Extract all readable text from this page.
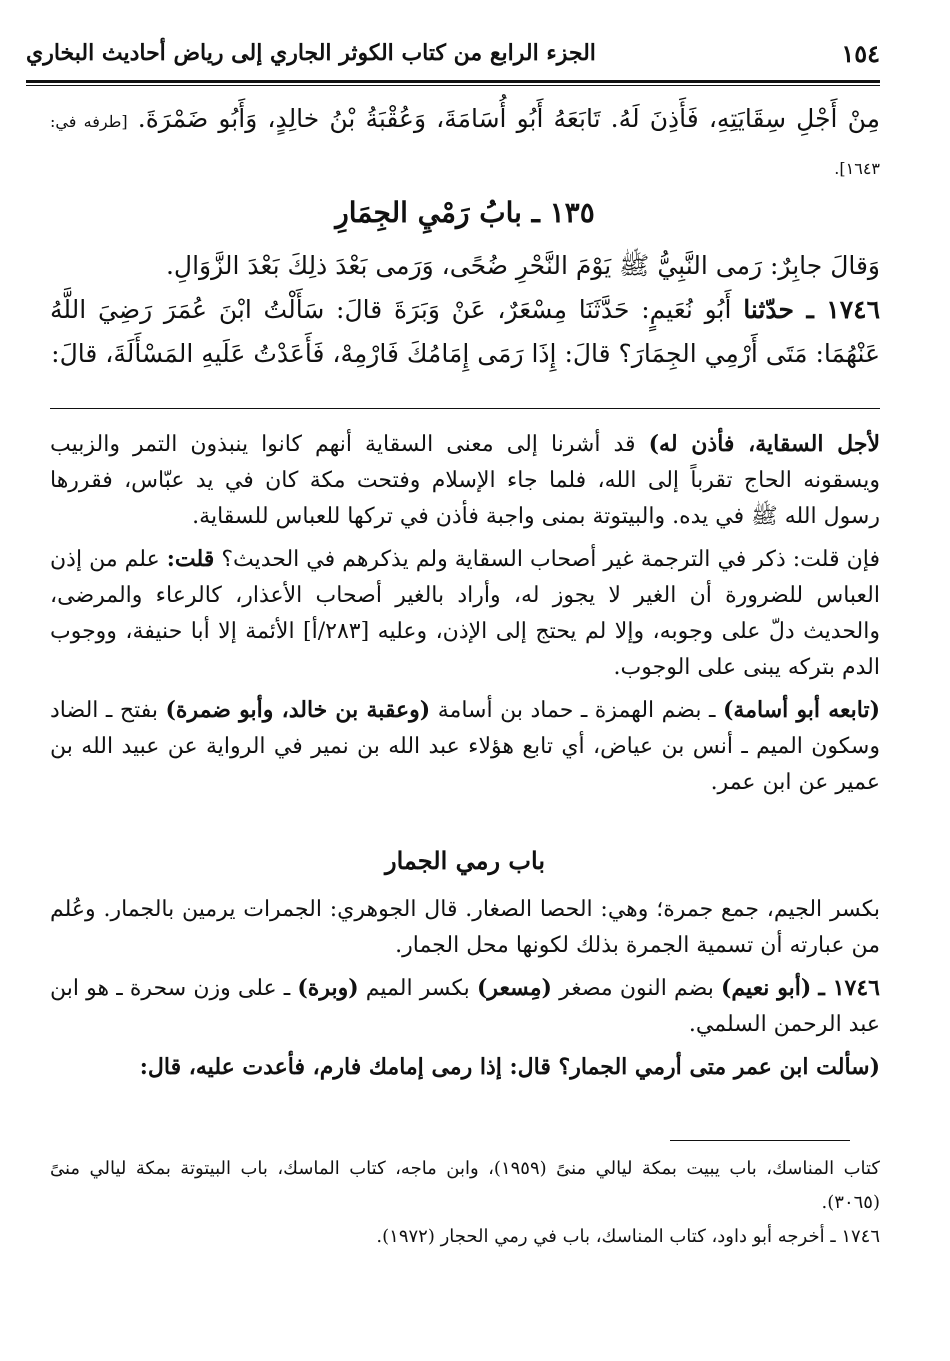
١٥٤
الجزء الرابع من كتاب الكوثر الجاري إلى رياض أحاديث البخاري

مِنْ أَجْلِ سِقَايَتِهِ، فَأَذِنَ لَهُ. تَابَعَهُ أَبُو أُسَامَةَ، وَعُقْبَةُ بْنُ خالِدٍ، وَأَبُو ضَمْرَةَ. [طرفه في: ١٦٤٣].

١٣٥ ـ بابُ رَمْيِ الجِمَارِ

وَقالَ جابِرٌ: رَمى النَّبِيُّ ﷺ يَوْمَ النَّحْرِ ضُحًى، وَرَمى بَعْدَ ذلِكَ بَعْدَ الزَّوَالِ.

١٧٤٦ ـ حدّثنا أَبُو نُعَيمٍ: حَدَّثَنَا مِسْعَرٌ، عَنْ وَبَرَةَ قالَ: سَأَلْتُ ابْنَ عُمَرَ رَضِيَ اللَّهُ عَنْهُمَا: مَتَى أَرْمِي الجِمَارَ؟ قالَ: إِذَا رَمَى إِمَامُكَ فَارْمِهْ، فَأَعَدْتُ عَلَيهِ المَسْأَلَةَ، قالَ:

لأجل السقاية، فأذن له) قد أشرنا إلى معنى السقاية أنهم كانوا ينبذون التمر والزبيب ويسقونه الحاج تقرباً إلى الله، فلما جاء الإسلام وفتحت مكة كان في يد عبّاس، فقررها رسول الله ﷺ في يده. والبيتوتة بمنى واجبة فأذن في تركها للعباس للسقاية.

فإن قلت: ذكر في الترجمة غير أصحاب السقاية ولم يذكرهم في الحديث؟ قلت: علم من إذن العباس للضرورة أن الغير لا يجوز له، وأراد بالغير أصحاب الأعذار، كالرعاء والمرضى، والحديث دلّ على وجوبه، وإلا لم يحتج إلى الإذن، وعليه [٢٨٣/أ] الأئمة إلا أبا حنيفة، ووجوب الدم بتركه يبنى على الوجوب.

(تابعه أبو أسامة) ـ بضم الهمزة ـ حماد بن أسامة (وعقبة بن خالد، وأبو ضمرة) بفتح ـ الضاد وسكون الميم ـ أنس بن عياض، أي تابع هؤلاء عبد الله بن نمير في الرواية عن عبيد الله بن عمير عن ابن عمر.

باب رمي الجمار

بكسر الجيم، جمع جمرة؛ وهي: الحصا الصغار. قال الجوهري: الجمرات يرمين بالجمار. وعُلم من عبارته أن تسمية الجمرة بذلك لكونها محل الجمار.

١٧٤٦ ـ (أبو نعيم) بضم النون مصغر (مِسعر) بكسر الميم (وبرة) ـ على وزن سحرة ـ هو ابن عبد الرحمن السلمي.

(سألت ابن عمر متى أرمي الجمار؟ قال: إذا رمى إمامك فارم، فأعدت عليه، قال:

كتاب المناسك، باب يبيت بمكة ليالي منىً (١٩٥٩)، وابن ماجه، كتاب الماسك، باب البيتوتة بمكة ليالي منىً (٣٠٦٥).

١٧٤٦ ـ أخرجه أبو داود، كتاب المناسك، باب في رمي الحجار (١٩٧٢).
